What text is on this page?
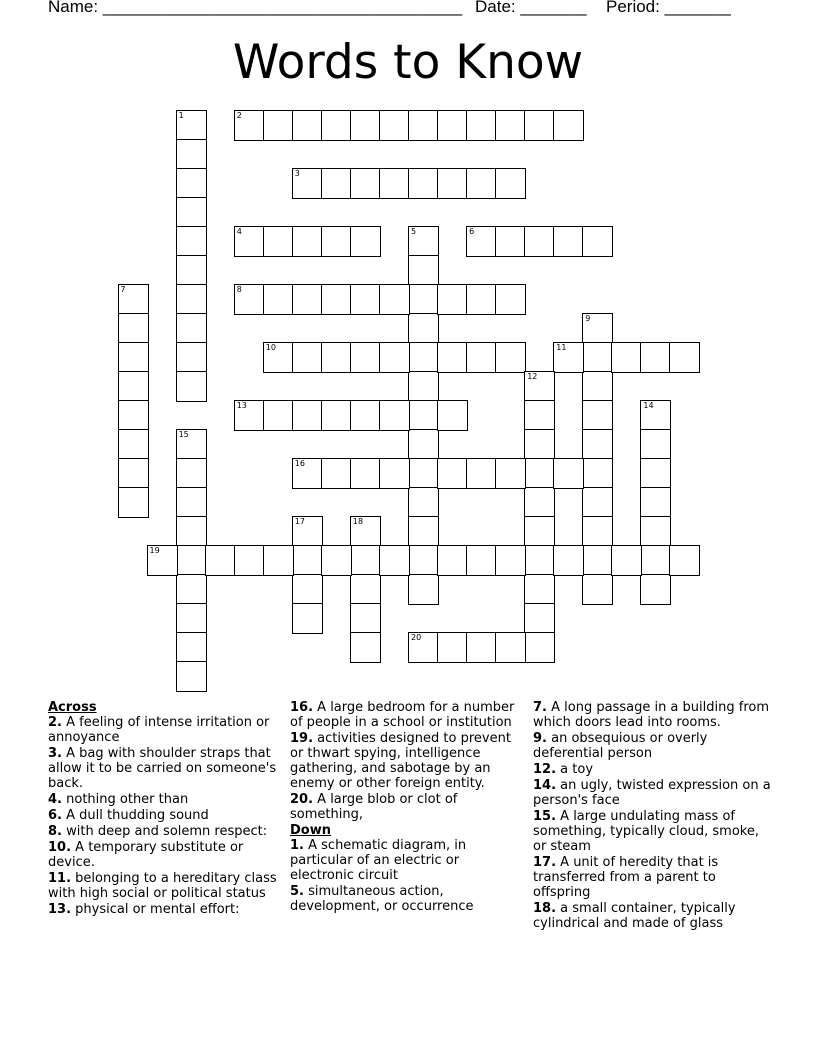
Name: ______________________________________ Date: _______ Period: _______
Words to Know
1	2
3
4	5	6
7	8
9
10	11
12
13	14
15
16
17	18
19
20
Across
2. A feeling of intense irritation or annoyance
3. A bag with shoulder straps that allow it to be carried on someone's back.
4. nothing other than
6. A dull thudding sound
8. with deep and solemn respect:
10. A temporary substitute or device.
11. belonging to a hereditary class with high social or political status
13. physical or mental effort:
16. A large bedroom for a number of people in a school or institution
19. activities designed to prevent or thwart spying, intelligence gathering, and sabotage by an enemy or other foreign entity.
20. A large blob or clot of something,
Down
1. A schematic diagram, in particular of an electric or electronic circuit
5. simultaneous action, development, or occurrence
7. A long passage in a building from which doors lead into rooms.
9. an obsequious or overly deferential person
12. a toy
14. an ugly, twisted expression on a person's face
15. A large undulating mass of something, typically cloud, smoke, or steam
17. A unit of heredity that is transferred from a parent to offspring
18. a small container, typically cylindrical and made of glass
